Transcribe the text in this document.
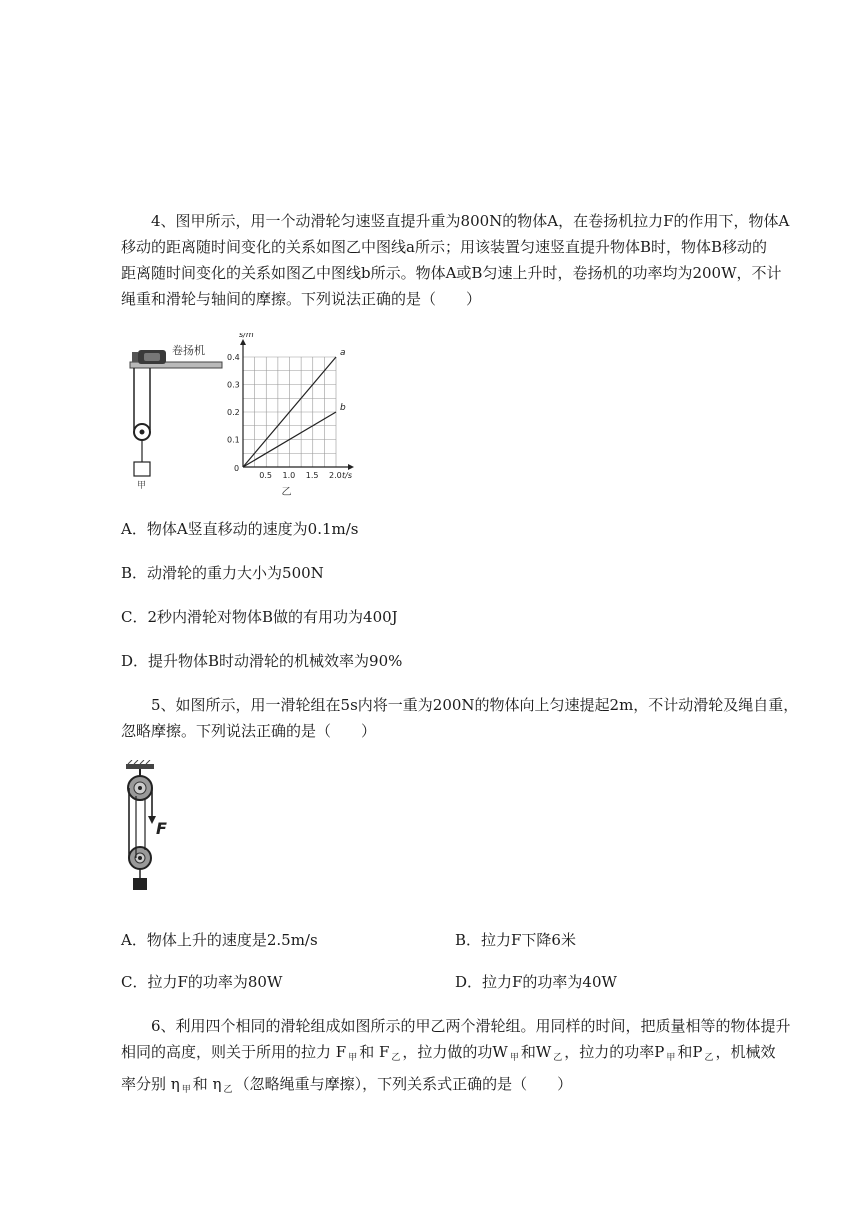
4、图甲所示，用一个动滑轮匀速竖直提升重为800N的物体A，在卷扬机拉力F的作用下，物体A
移动的距离随时间变化的关系如图乙中图线a所示；用该装置匀速竖直提升物体B时，物体B移动的
距离随时间变化的关系如图乙中图线b所示。物体A或B匀速上升时，卷扬机的功率均为200W，不计
绳重和滑轮与轴间的摩擦。下列说法正确的是（　　）
甲
卷扬机
0.5 1.0 1.5 2.0
0.1
0.2
0.3
0.4
0
t/s
s/m
a
b
乙
A．物体A竖直移动的速度为0.1m/s
B．动滑轮的重力大小为500N
C．2秒内滑轮对物体B做的有用功为400J
D．提升物体B时动滑轮的机械效率为90%
5、如图所示，用一滑轮组在5s内将一重为200N的物体向上匀速提起2m，不计动滑轮及绳自重，
忽略摩擦。下列说法正确的是（　　）
F
A．物体上升的速度是2.5m/s	B．拉力F下降6米
C．拉力F的功率为80W	D．拉力F的功率为40W
6、利用四个相同的滑轮组成如图所示的甲乙两个滑轮组。用同样的时间，把质量相等的物体提升
相同的高度，则关于所用的拉力 F $_甲$ 和 F $_乙$ ，拉力做的功W $_甲$ 和W $_乙$ ，拉力的功率P $_甲$ 和P $_乙$ ，机械效
率分别 η $_甲$ 和 η $_乙$ （忽略绳重与摩擦），下列关系式正确的是（　　）
